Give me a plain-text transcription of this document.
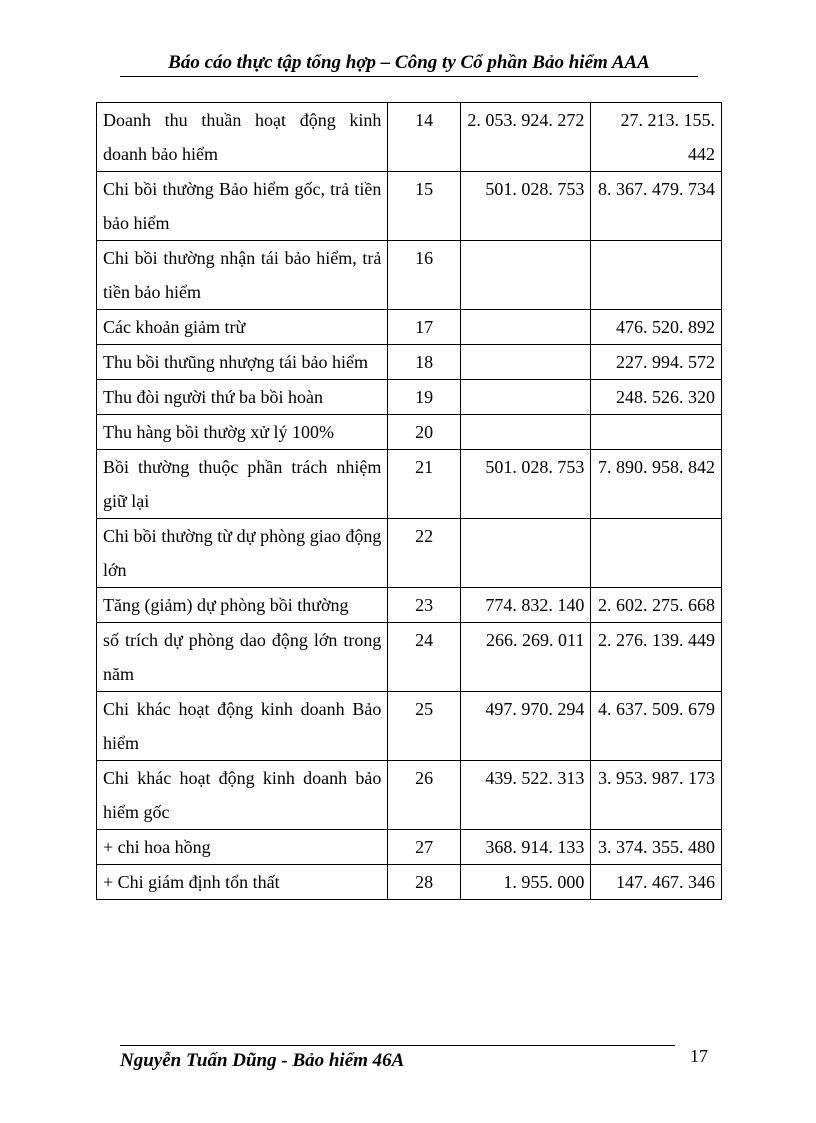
Báo cáo thực tập tổng hợp – Công ty Cổ phần Bảo hiểm AAA
Doanh thu thuần hoạt động kinh doanh bảo hiểm	14	2. 053. 924. 272	27. 213. 155. 442
Chi bồi thường Bảo hiểm gốc, trả tiền bảo hiểm	15	501. 028. 753	8. 367. 479. 734
Chi bồi thường nhận tái bảo hiểm, trả tiền bảo hiểm	16		
Các khoản giảm trừ	17		476. 520. 892
Thu bồi thưũng nhượng tái bảo hiểm	18		227. 994. 572
Thu đòi người thứ ba bồi hoàn	19		248. 526. 320
Thu hàng bồi thườg xử lý 100%	20		
Bồi thường thuộc phần trách nhiệm giữ lại	21	501. 028. 753	7. 890. 958. 842
Chi bồi thường từ dự phòng giao động lớn	22		
Tăng (giảm) dự phòng bồi thường	23	774. 832. 140	2. 602. 275. 668
số trích dự phòng dao động lớn trong năm	24	266. 269. 011	2. 276. 139. 449
Chi khác hoạt động kinh doanh Bảo hiểm	25	497. 970. 294	4. 637. 509. 679
Chi khác hoạt động kinh doanh bảo hiểm gốc	26	439. 522. 313	3. 953. 987. 173
+ chi hoa hồng	27	368. 914. 133	3. 374. 355. 480
+ Chi giám định tổn thất	28	1. 955. 000	147. 467. 346
Nguyễn Tuấn Dũng - Bảo hiểm 46A	17
